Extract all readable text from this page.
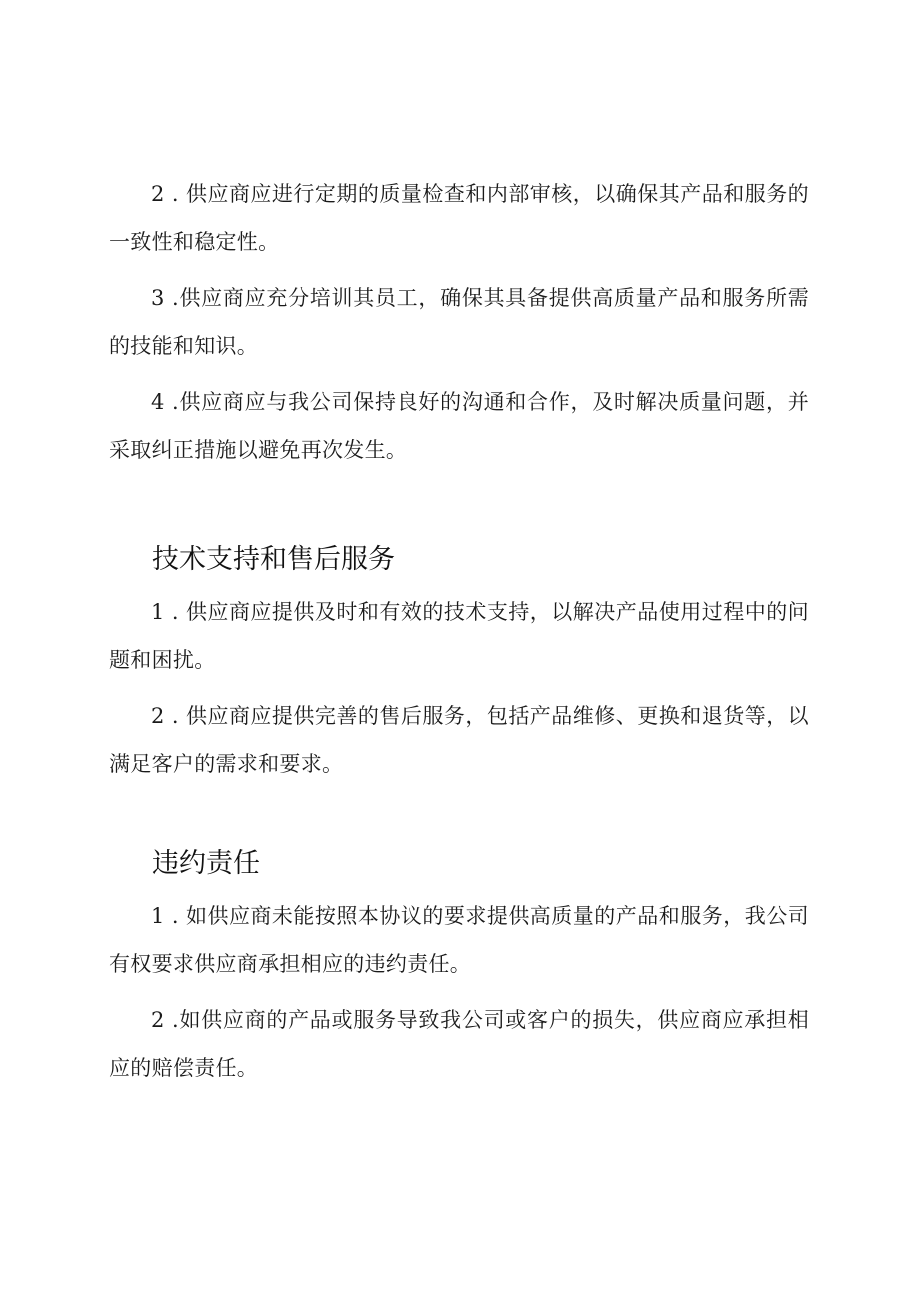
2 . 供应商应进行定期的质量检查和内部审核，以确保其产品和服务的一致性和稳定性。

3 .供应商应充分培训其员工，确保其具备提供高质量产品和服务所需的技能和知识。

4 .供应商应与我公司保持良好的沟通和合作，及时解决质量问题，并采取纠正措施以避免再次发生。

技术支持和售后服务

1 . 供应商应提供及时和有效的技术支持，以解决产品使用过程中的问题和困扰。

2 . 供应商应提供完善的售后服务，包括产品维修、更换和退货等，以满足客户的需求和要求。

违约责任

1 . 如供应商未能按照本协议的要求提供高质量的产品和服务，我公司有权要求供应商承担相应的违约责任。

2 .如供应商的产品或服务导致我公司或客户的损失，供应商应承担相应的赔偿责任。
